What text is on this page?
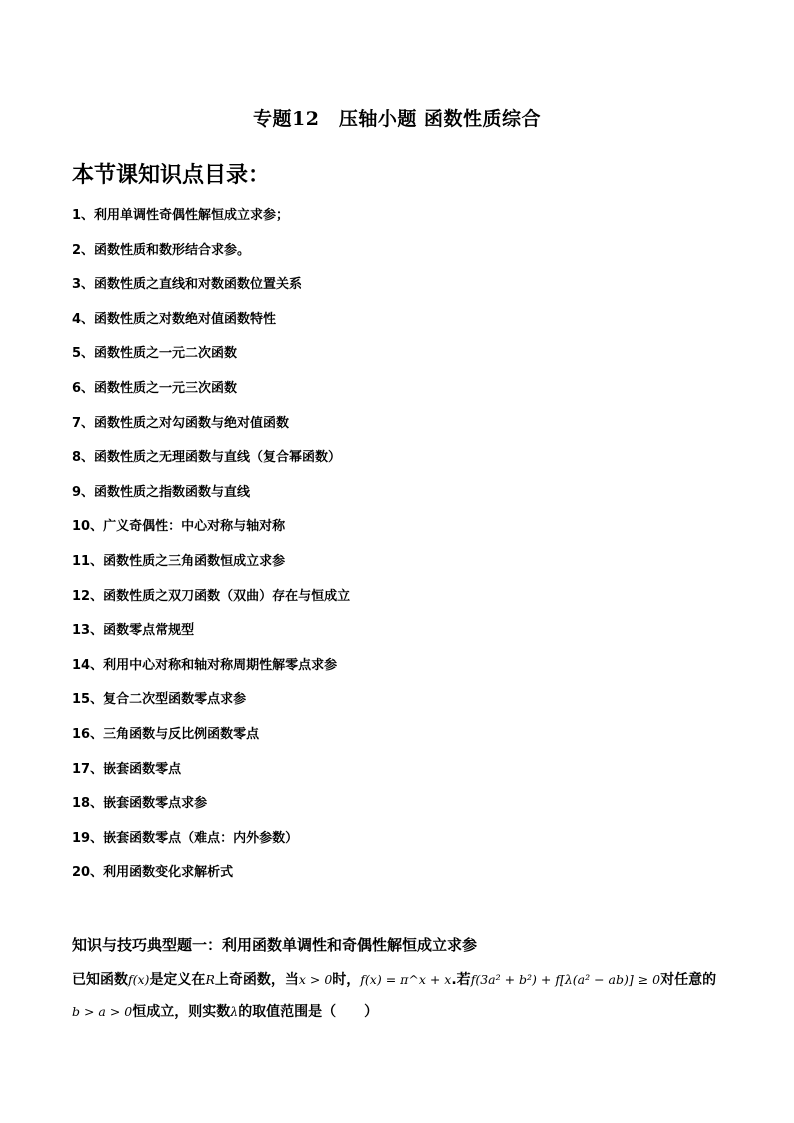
专题12　压轴小题 函数性质综合
本节课知识点目录：
1、利用单调性奇偶性解恒成立求参；
2、函数性质和数形结合求参。
3、函数性质之直线和对数函数位置关系
4、函数性质之对数绝对值函数特性
5、函数性质之一元二次函数
6、函数性质之一元三次函数
7、函数性质之对勾函数与绝对值函数
8、函数性质之无理函数与直线（复合幂函数）
9、函数性质之指数函数与直线
10、广义奇偶性：中心对称与轴对称
11、函数性质之三角函数恒成立求参
12、函数性质之双刀函数（双曲）存在与恒成立
13、函数零点常规型
14、利用中心对称和轴对称周期性解零点求参
15、复合二次型函数零点求参
16、三角函数与反比例函数零点
17、嵌套函数零点
18、嵌套函数零点求参
19、嵌套函数零点（难点：内外参数）
20、利用函数变化求解析式
知识与技巧典型题一：利用函数单调性和奇偶性解恒成立求参
已知函数f(x)是定义在R上奇函数，当x > 0时，f(x) = π^x + x.若f(3a² + b²) + f[λ(a² − ab)] ≥ 0对任意的
b > a > 0恒成立，则实数λ的取值范围是（　　）
